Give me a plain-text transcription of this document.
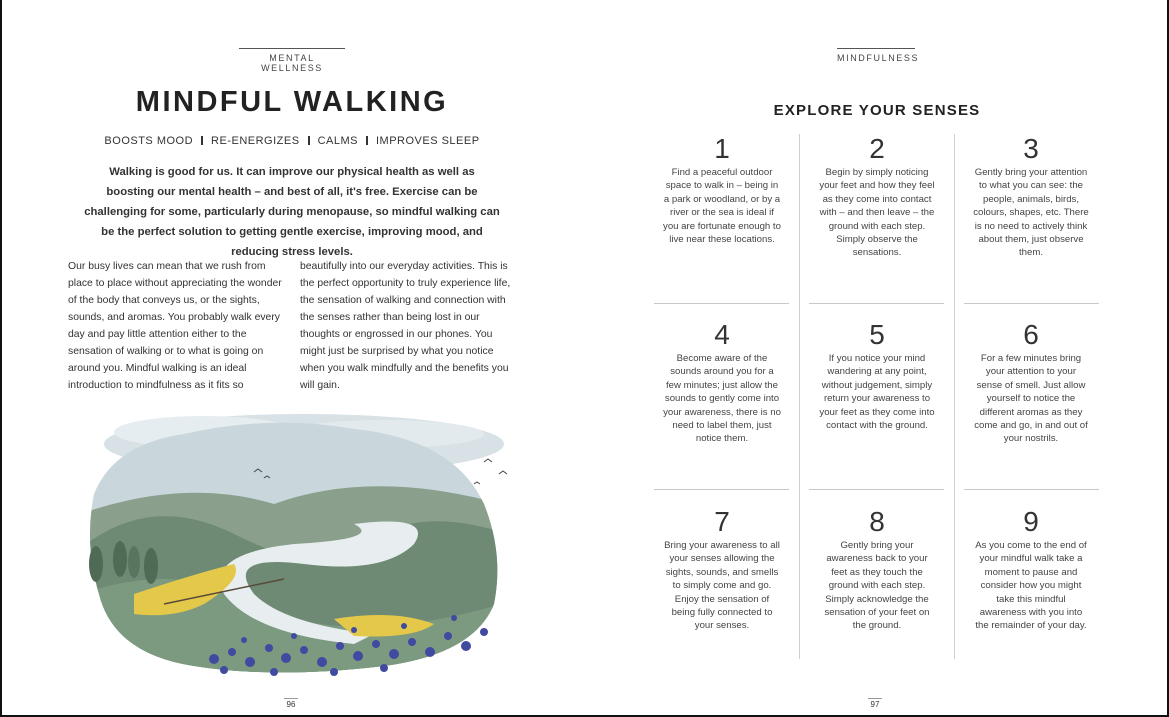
MENTAL WELLNESS
MINDFUL WALKING
BOOSTS MOOD RE-ENERGIZES CALMS IMPROVES SLEEP
Walking is good for us. It can improve our physical health as well as boosting our mental health – and best of all, it's free. Exercise can be challenging for some, particularly during menopause, so mindful walking can be the perfect solution to getting gentle exercise, improving mood, and reducing stress levels.
Our busy lives can mean that we rush from place to place without appreciating the wonder of the body that conveys us, or the sights, sounds, and aromas. You probably walk every day and pay little attention either to the sensation of walking or to what is going on around you. Mindful walking is an ideal introduction to mindfulness as it fits so
beautifully into our everyday activities. This is the perfect opportunity to truly experience life, the sensation of walking and connection with the senses rather than being lost in our thoughts or engrossed in our phones. You might just be surprised by what you notice when you walk mindfully and the benefits you will gain.
96
MINDFULNESS
EXPLORE YOUR SENSES
1
Find a peaceful outdoor space to walk in – being in a park or woodland, or by a river or the sea is ideal if you are fortunate enough to live near these locations.
2
Begin by simply noticing your feet and how they feel as they come into contact with – and then leave – the ground with each step. Simply observe the sensations.
3
Gently bring your attention to what you can see: the people, animals, birds, colours, shapes, etc. There is no need to actively think about them, just observe them.
4
Become aware of the sounds around you for a few minutes; just allow the sounds to gently come into your awareness, there is no need to label them, just notice them.
5
If you notice your mind wandering at any point, without judgement, simply return your awareness to your feet as they come into contact with the ground.
6
For a few minutes bring your attention to your sense of smell. Just allow yourself to notice the different aromas as they come and go, in and out of your nostrils.
7
Bring your awareness to all your senses allowing the sights, sounds, and smells to simply come and go. Enjoy the sensation of being fully connected to your senses.
8
Gently bring your awareness back to your feet as they touch the ground with each step. Simply acknowledge the sensation of your feet on the ground.
9
As you come to the end of your mindful walk take a moment to pause and consider how you might take this mindful awareness with you into the remainder of your day.
97
